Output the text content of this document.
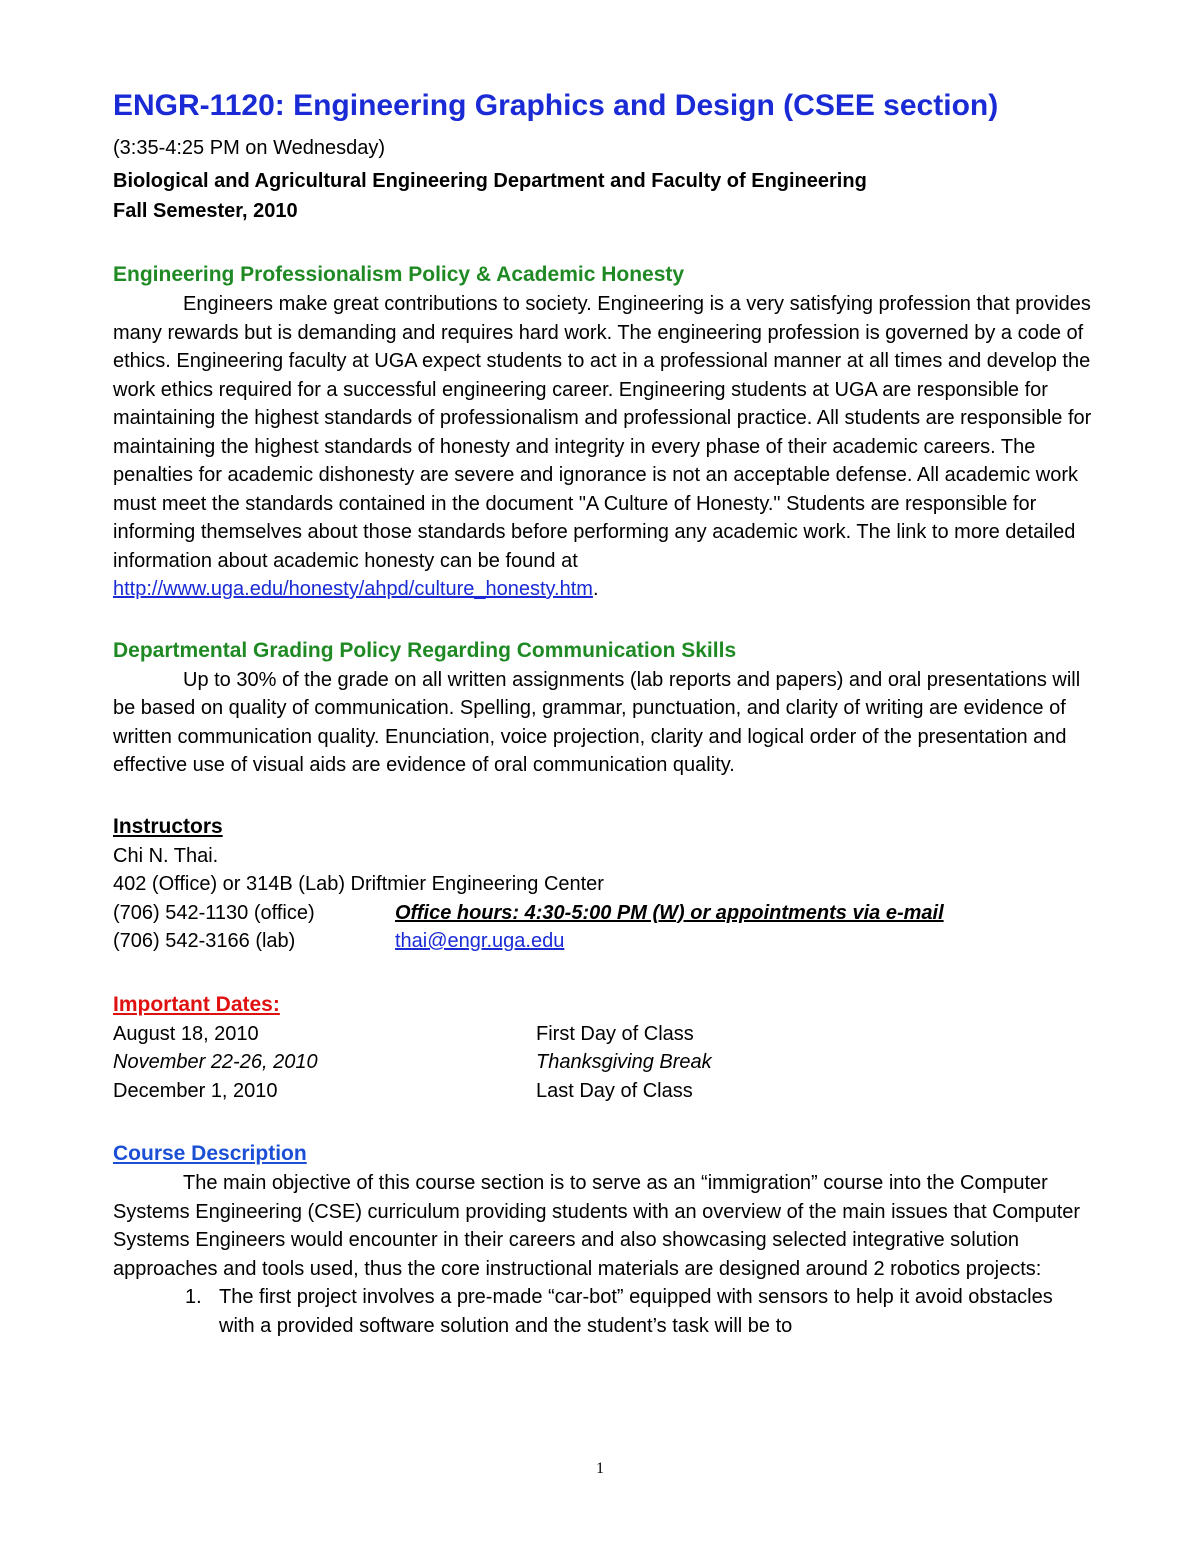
ENGR-1120: Engineering Graphics and Design (CSEE section)
(3:35-4:25 PM on Wednesday)
Biological and Agricultural Engineering Department and Faculty of Engineering
Fall Semester, 2010
Engineering Professionalism Policy & Academic Honesty

Engineers make great contributions to society. Engineering is a very satisfying profession that provides many rewards but is demanding and requires hard work. The engineering profession is governed by a code of ethics. Engineering faculty at UGA expect students to act in a professional manner at all times and develop the work ethics required for a successful engineering career. Engineering students at UGA are responsible for maintaining the highest standards of professionalism and professional practice. All students are responsible for maintaining the highest standards of honesty and integrity in every phase of their academic careers. The penalties for academic dishonesty are severe and ignorance is not an acceptable defense. All academic work must meet the standards contained in the document "A Culture of Honesty." Students are responsible for informing themselves about those standards before performing any academic work. The link to more detailed information about academic honesty can be found at
http://www.uga.edu/honesty/ahpd/culture_honesty.htm.

Departmental Grading Policy Regarding Communication Skills

Up to 30% of the grade on all written assignments (lab reports and papers) and oral presentations will be based on quality of communication. Spelling, grammar, punctuation, and clarity of writing are evidence of written communication quality. Enunciation, voice projection, clarity and logical order of the presentation and effective use of visual aids are evidence of oral communication quality.

Instructors
Chi N. Thai.
402 (Office) or 314B (Lab) Driftmier Engineering Center
(706) 542-1130 (office)	Office hours: 4:30-5:00 PM (W) or appointments via e-mail
(706) 542-3166 (lab)	thai@engr.uga.edu
Important Dates:
August 18, 2010	First Day of Class
November 22-26, 2010	Thanksgiving Break
December 1, 2010	Last Day of Class
Course Description

The main objective of this course section is to serve as an “immigration” course into the Computer Systems Engineering (CSE) curriculum providing students with an overview of the main issues that Computer Systems Engineers would encounter in their careers and also showcasing selected integrative solution approaches and tools used, thus the core instructional materials are designed around 2 robotics projects:

1. The first project involves a pre-made “car-bot” equipped with sensors to help it avoid obstacles with a provided software solution and the student’s task will be to
1
